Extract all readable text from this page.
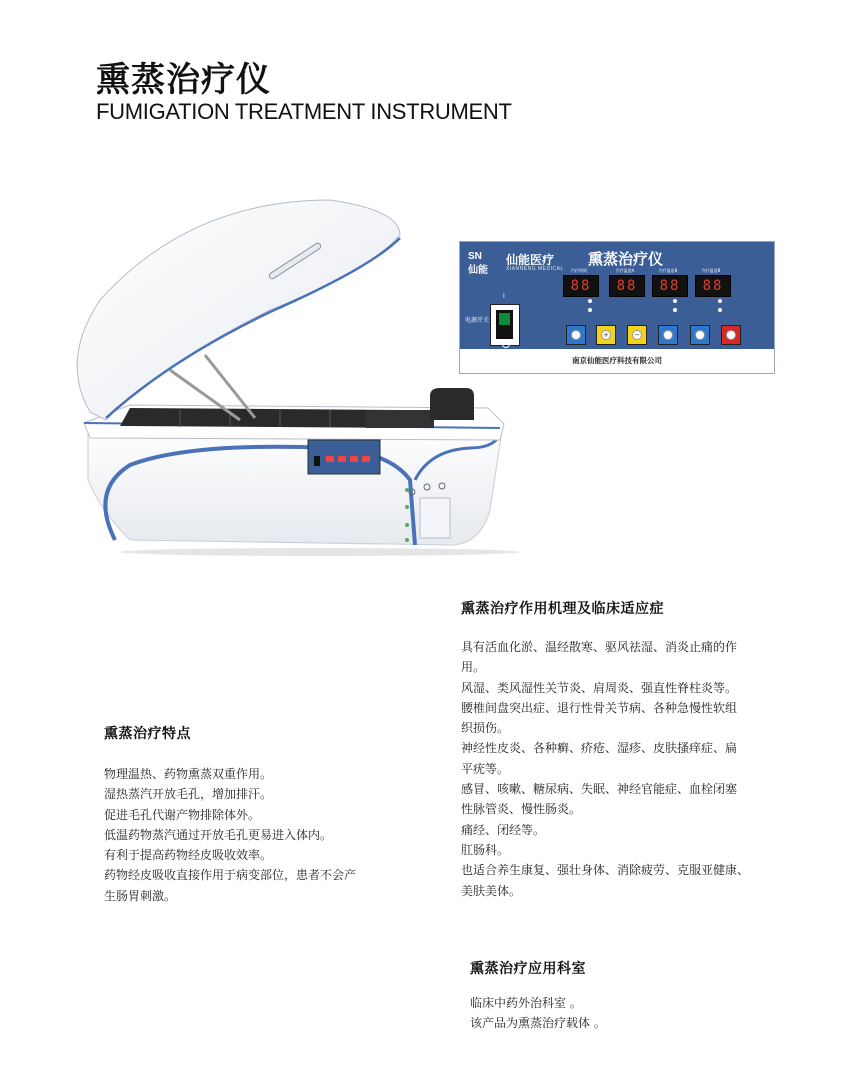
熏蒸治疗仪
FUMIGATION TREATMENT INSTRUMENT
SN
仙能
仙能医疗
XIANNENG MEDICAL
熏蒸治疗仪
汽疗时间	汽疗温度A	汽疗温度B	汽疗温度B
88	88	88	88
I
电源开关
+	−
南京仙能医疗科技有限公司
熏蒸治疗作用机理及临床适应症
具有活血化淤、温经散寒、驱风祛湿、消炎止痛的作
用。
风湿、类风湿性关节炎、肩周炎、强直性脊柱炎等。
腰椎间盘突出症、退行性骨关节病、各种急慢性软组
织损伤。
神经性皮炎、各种癣、疥疮、湿疹、皮肤搔痒症、扁
平疣等。
感冒、咳嗽、糖尿病、失眠、神经官能症、血栓闭塞
性脉管炎、慢性肠炎。
痛经、闭经等。
肛肠科。
也适合养生康复、强壮身体、消除疲劳、克服亚健康、
美肤美体。
熏蒸治疗特点
物理温热、药物熏蒸双重作用。
湿热蒸汽开放毛孔，增加排汗。
促进毛孔代谢产物排除体外。
低温药物蒸汽通过开放毛孔更易进入体内。
有利于提高药物经皮吸收效率。
药物经皮吸收直接作用于病变部位，患者不会产
生肠胃刺激。
熏蒸治疗应用科室
临床中药外治科室 。
该产品为熏蒸治疗载体 。
